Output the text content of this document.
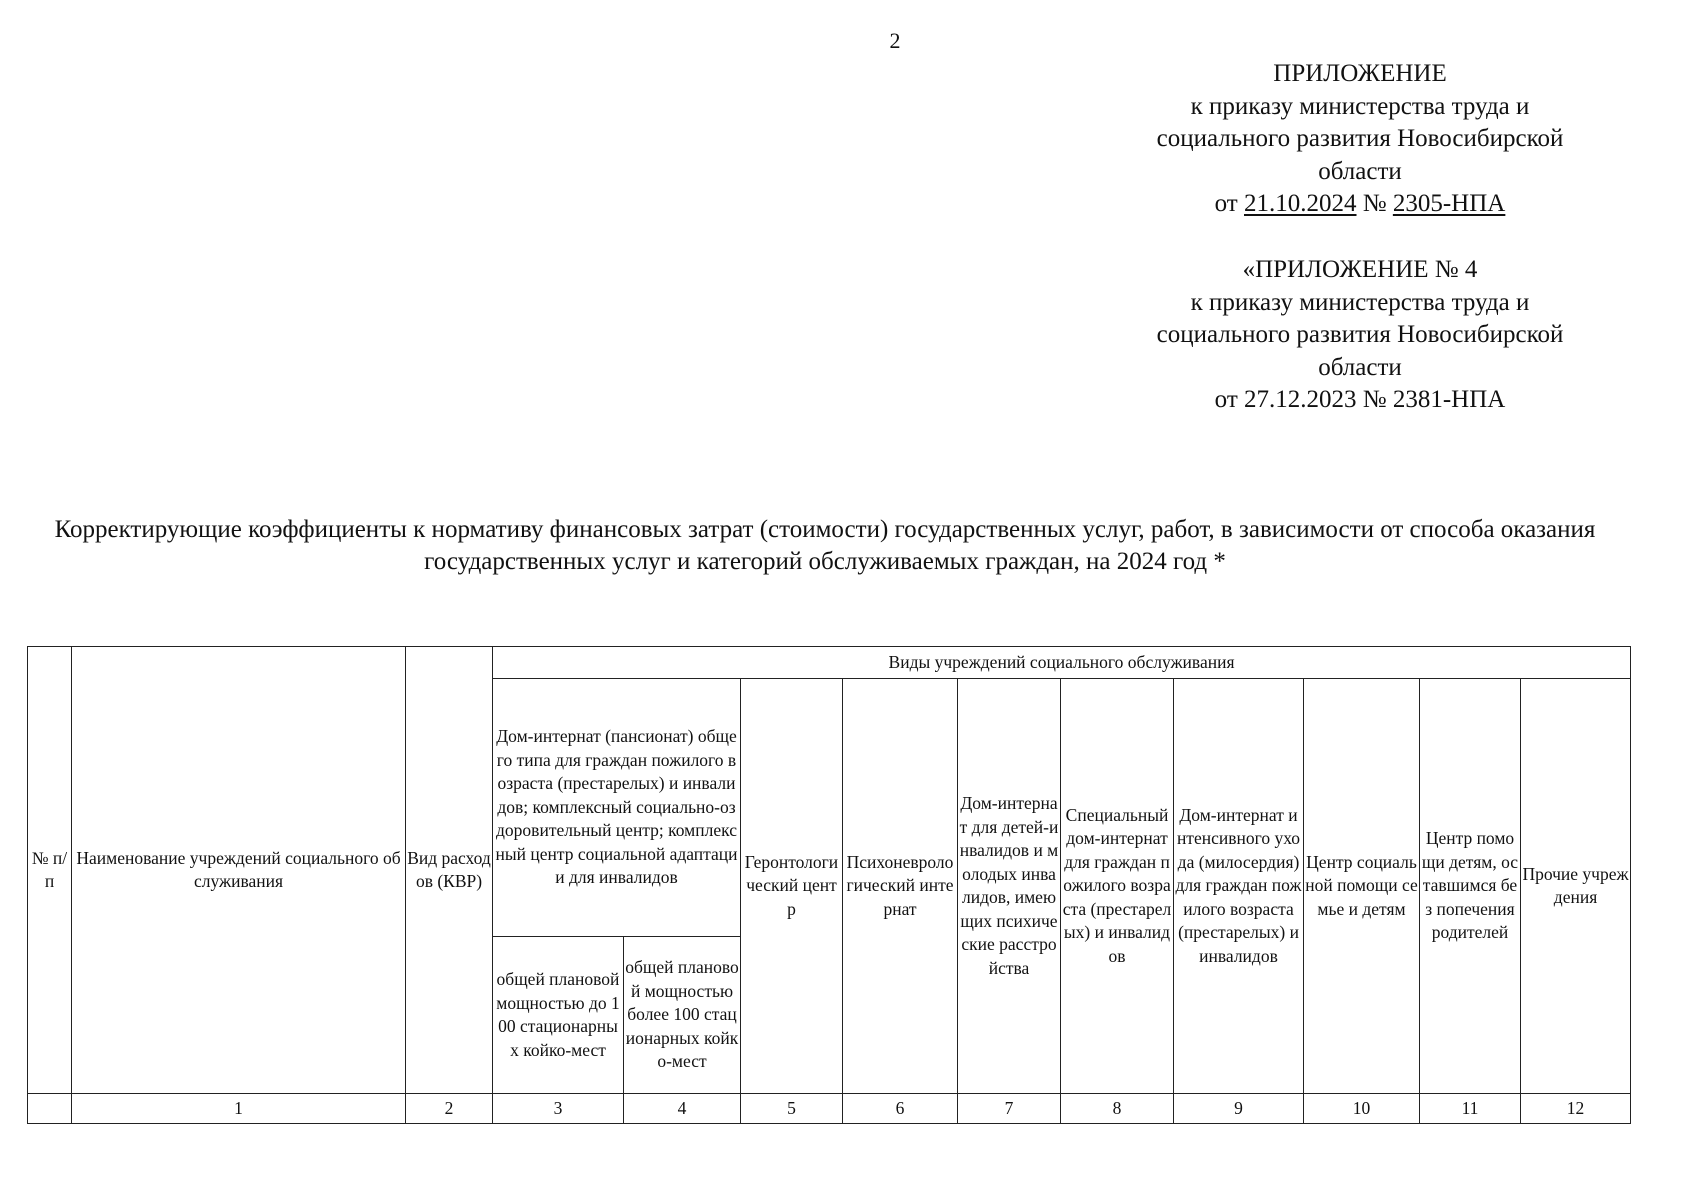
2
ПРИЛОЖЕНИЕ
к приказу министерства труда и
социального развития Новосибирской
области
от 21.10.2024 № 2305-НПА
«ПРИЛОЖЕНИЕ № 4
к приказу министерства труда и
социального развития Новосибирской
области
от 27.12.2023 № 2381-НПА
Корректирующие коэффициенты к нормативу финансовых затрат (стоимости) государственных услуг, работ, в зависимости от способа оказания государственных услуг и категорий обслуживаемых граждан, на 2024 год *
№ п/п	Наименование учреждений социального обслуживания	Вид расходов (КВР)	Виды учреждений социального обслуживания									
			Дом-интернат (пансионат) общего типа для граждан пожилого возраста (престарелых) и инвалидов; комплексный социально-оздоровительный центр; комплексный центр социальной адаптации для инвалидов		Геронтологический центр	Психоневрологический интернат	Дом-интернат для детей-инвалидов и молодых инвалидов, имеющих психические расстройства	Специальный дом-интернат для граждан пожилого возраста (престарелых) и инвалидов	Дом-интернат интенсивного ухода (милосердия) для граждан пожилого возраста (престарелых) и инвалидов	Центр социальной помощи семье и детям	Центр помощи детям, оставшимся без попечения родителей	Прочие учреждения
			общей плановой мощностью до 100 стационарных койко-мест	общей плановой мощностью более 100 стационарных койко-мест								
	1	2	3	4	5	6	7	8	9	10	11	12
